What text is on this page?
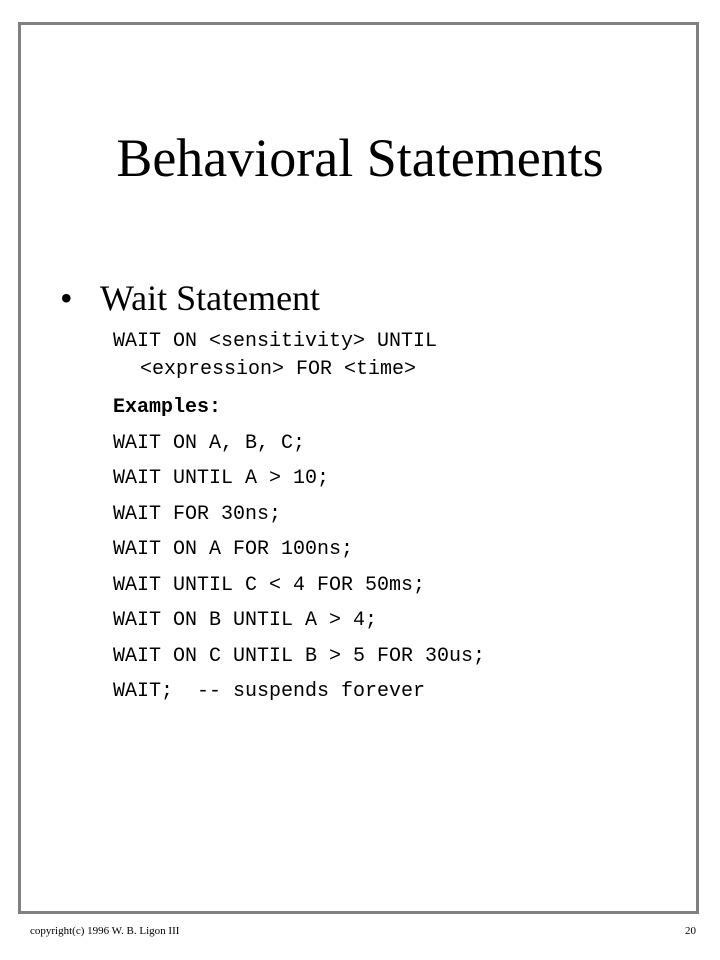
Behavioral Statements
• Wait Statement
WAIT ON <sensitivity> UNTIL
<expression> FOR <time>
Examples:
WAIT ON A, B, C;
WAIT UNTIL A > 10;
WAIT FOR 30ns;
WAIT ON A FOR 100ns;
WAIT UNTIL C < 4 FOR 50ms;
WAIT ON B UNTIL A > 4;
WAIT ON C UNTIL B > 5 FOR 30us;
WAIT;  -- suspends forever
copyright(c) 1996 W. B. Ligon III	20
